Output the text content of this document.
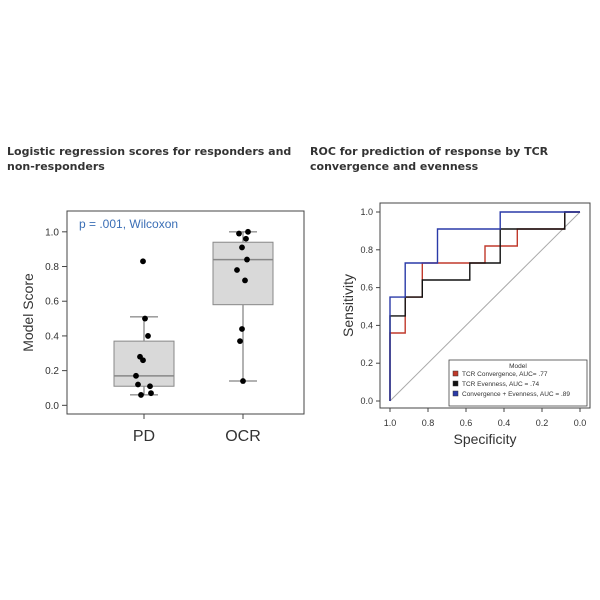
Logistic regression scores for responders and non-responders
ROC for prediction of response by TCR convergence and evenness
0.0
0.2
0.4
0.6
0.8
1.0
Model Score
p = .001, Wilcoxon
PD	OCR
0.0
0.2
0.4
0.6
0.8
1.0
1.0	0.8	0.6	0.4	0.2	0.0
Specificity
Sensitivity
Model
TCR Convergence, AUC= .77
TCR Evenness, AUC = .74
Convergence + Evenness, AUC = .89
